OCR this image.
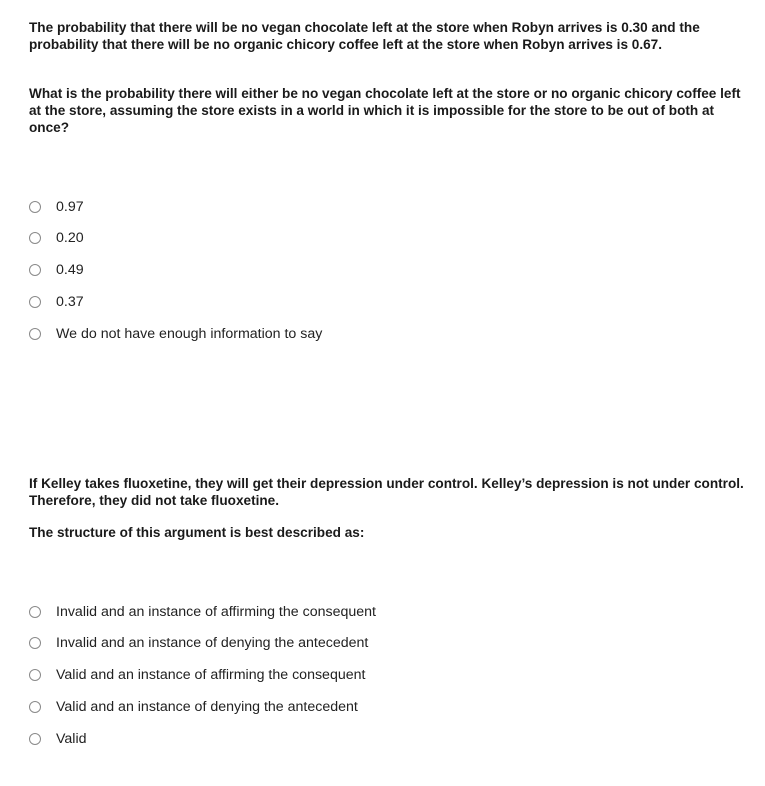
The probability that there will be no vegan chocolate left at the store when Robyn arrives is 0.30 and the probability that there will be no organic chicory coffee left at the store when Robyn arrives is 0.67.

What is the probability there will either be no vegan chocolate left at the store or no organic chicory coffee left at the store, assuming the store exists in a world in which it is impossible for the store to be out of both at once?

0.97
0.20
0.49
0.37
We do not have enough information to say

If Kelley takes fluoxetine, they will get their depression under control. Kelley’s depression is not under control. Therefore, they did not take fluoxetine.

The structure of this argument is best described as:

Invalid and an instance of affirming the consequent
Invalid and an instance of denying the antecedent
Valid and an instance of affirming the consequent
Valid and an instance of denying the antecedent
Valid
